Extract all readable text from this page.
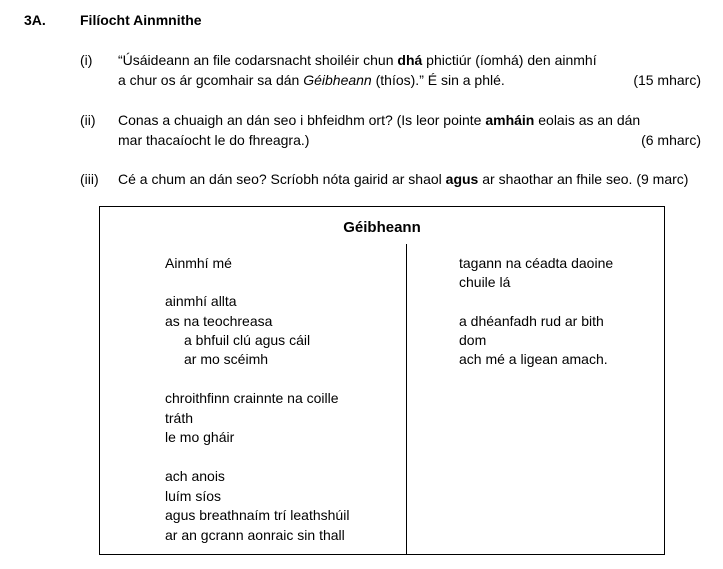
3A. Filíocht Ainmnithe
(i) “Úsáideann an file codarsnacht shoiléir chun dhá phictiúr (íomhá) den ainmhí
a chur os ár gcomhair sa dán Géibheann (thíos).” É sin a phlé.	(15 mharc)
(ii) Conas a chuaigh an dán seo i bhfeidhm ort? (Is leor pointe amháin eolais as an dán
mar thacaíocht le do fhreagra.)	(6 mharc)
(iii) Cé a chum an dán seo? Scríobh nóta gairid ar shaol agus ar shaothar an fhile seo. (9 marc)
Géibheann
Ainmhí mé
ainmhí allta
as na teochreasa
a bhfuil clú agus cáil
ar mo scéimh
chroithfinn crainnte na coille
tráth
le mo gháir
ach anois
luím síos
agus breathnaím trí leathshúil
ar an gcrann aonraic sin thall
tagann na céadta daoine
chuile lá
a dhéanfadh rud ar bith
dom
ach mé a ligean amach.
